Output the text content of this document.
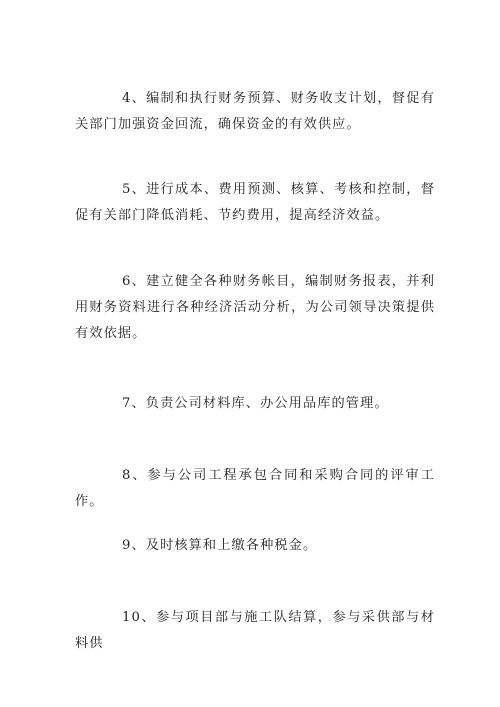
4、编制和执行财务预算、财务收支计划，督促有关部门加强资金回流，确保资金的有效供应。

5、进行成本、费用预测、核算、考核和控制，督促有关部门降低消耗、节约费用，提高经济效益。

6、建立健全各种财务帐目，编制财务报表，并利用财务资料进行各种经济活动分析，为公司领导决策提供有效依据。

7、负责公司材料库、办公用品库的管理。

8、参与公司工程承包合同和采购合同的评审工作。

9、及时核算和上缴各种税金。

10、参与项目部与施工队结算，参与采供部与材料供
